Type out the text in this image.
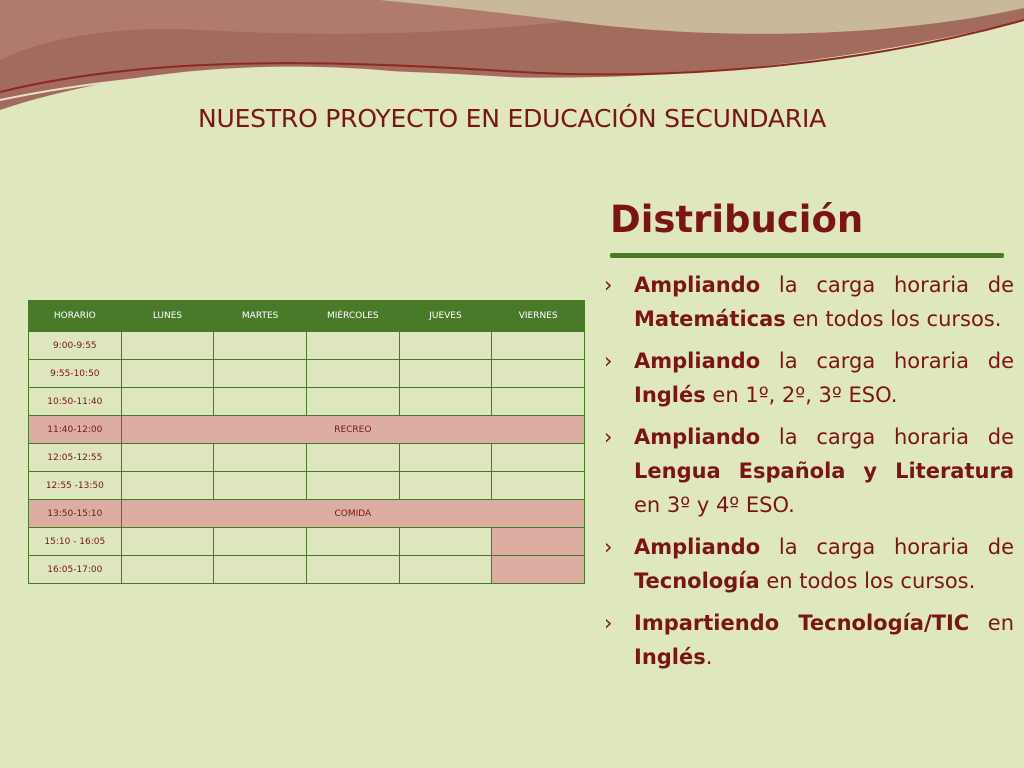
NUESTRO PROYECTO EN EDUCACIÓN SECUNDARIA
Distribución
HORARIO	LUNES	MARTES	MIÉRCOLES	JUEVES	VIERNES
9:00-9:55					
9:55-10:50					
10:50-11:40					
11:40-12:00	RECREO				
12:05-12:55					
12:55 -13:50					
13:50-15:10	COMIDA				
15:10 - 16:05					
16:05-17:00					
› Ampliando la carga horaria de Matemáticas en todos los cursos.
› Ampliando la carga horaria de Inglés en 1º, 2º, 3º ESO.
› Ampliando la carga horaria de Lengua Española y Literatura en 3º y 4º ESO.
› Ampliando la carga horaria de Tecnología en todos los cursos.
› Impartiendo Tecnología/TIC en Inglés.
